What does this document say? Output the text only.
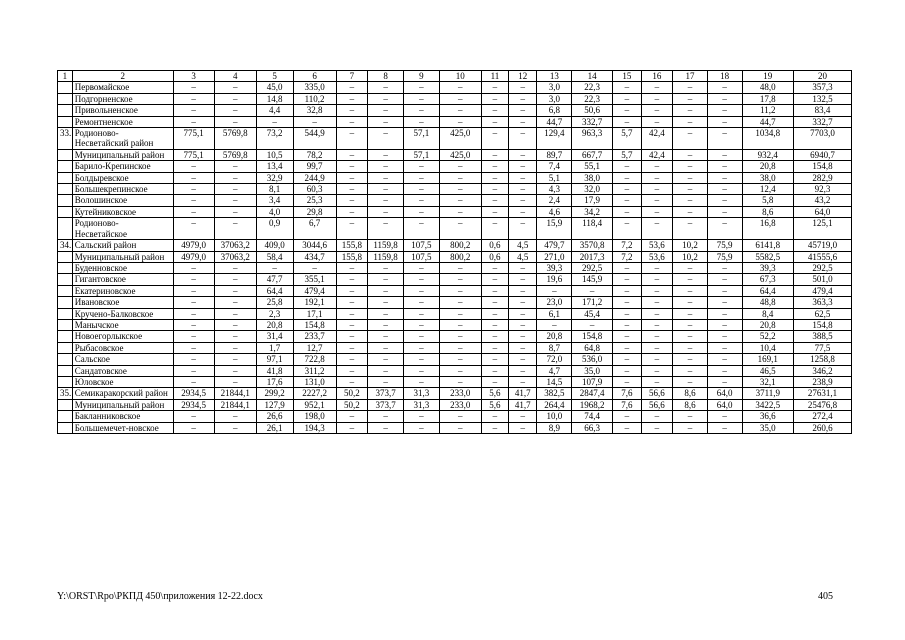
1	2	3	4	5	6	7	8	9	10	11	12	13	14	15	16	17	18	19	20
	Первомайское	–	–	45,0	335,0	–	–	–	–	–	–	3,0	22,3	–	–	–	–	48,0	357,3
	Подгорненское	–	–	14,8	110,2	–	–	–	–	–	–	3,0	22,3	–	–	–	–	17,8	132,5
	Привольненское	–	–	4,4	32,8	–	–	–	–	–	–	6,8	50,6	–	–	–	–	11,2	83,4
	Ремонтненское	–	–	–	–	–	–	–	–	–	–	44,7	332,7	–	–	–	–	44,7	332,7
33.	Родионово-Несветайский район	775,1	5769,8	73,2	544,9	–	–	57,1	425,0	–	–	129,4	963,3	5,7	42,4	–	–	1034,8	7703,0
	Муниципальный район	775,1	5769,8	10,5	78,2	–	–	57,1	425,0	–	–	89,7	667,7	5,7	42,4	–	–	932,4	6940,7
	Барило-Крепинское	–	–	13,4	99,7	–	–	–	–	–	–	7,4	55,1	–	–	–	–	20,8	154,8
	Болдыревское	–	–	32,9	244,9	–	–	–	–	–	–	5,1	38,0	–	–	–	–	38,0	282,9
	Большекрепинское	–	–	8,1	60,3	–	–	–	–	–	–	4,3	32,0	–	–	–	–	12,4	92,3
	Волошинское	–	–	3,4	25,3	–	–	–	–	–	–	2,4	17,9	–	–	–	–	5,8	43,2
	Кутейниковское	–	–	4,0	29,8	–	–	–	–	–	–	4,6	34,2	–	–	–	–	8,6	64,0
	Родионово-Несветайское	–	–	0,9	6,7	–	–	–	–	–	–	15,9	118,4	–	–	–	–	16,8	125,1
34.	Сальский район	4979,0	37063,2	409,0	3044,6	155,8	1159,8	107,5	800,2	0,6	4,5	479,7	3570,8	7,2	53,6	10,2	75,9	6141,8	45719,0
	Муниципальный район	4979,0	37063,2	58,4	434,7	155,8	1159,8	107,5	800,2	0,6	4,5	271,0	2017,3	7,2	53,6	10,2	75,9	5582,5	41555,6
	Буденновское	–	–	–	–	–	–	–	–	–	–	39,3	292,5	–	–	–	–	39,3	292,5
	Гигантовское	–	–	47,7	355,1	–	–	–	–	–	–	19,6	145,9	–	–	–	–	67,3	501,0
	Екатериновское	–	–	64,4	479,4	–	–	–	–	–	–	–	–	–	–	–	–	64,4	479,4
	Ивановское	–	–	25,8	192,1	–	–	–	–	–	–	23,0	171,2	–	–	–	–	48,8	363,3
	Кручено-Балковское	–	–	2,3	17,1	–	–	–	–	–	–	6,1	45,4	–	–	–	–	8,4	62,5
	Манычское	–	–	20,8	154,8	–	–	–	–	–	–	–	–	–	–	–	–	20,8	154,8
	Новоегорлыкское	–	–	31,4	233,7	–	–	–	–	–	–	20,8	154,8	–	–	–	–	52,2	388,5
	Рыбасовское	–	–	1,7	12,7	–	–	–	–	–	–	8,7	64,8	–	–	–	–	10,4	77,5
	Сальское	–	–	97,1	722,8	–	–	–	–	–	–	72,0	536,0	–	–	–	–	169,1	1258,8
	Сандатовское	–	–	41,8	311,2	–	–	–	–	–	–	4,7	35,0	–	–	–	–	46,5	346,2
	Юловское	–	–	17,6	131,0	–	–	–	–	–	–	14,5	107,9	–	–	–	–	32,1	238,9
35.	Семикаракорский район	2934,5	21844,1	299,2	2227,2	50,2	373,7	31,3	233,0	5,6	41,7	382,5	2847,4	7,6	56,6	8,6	64,0	3711,9	27631,1
	Муниципальный район	2934,5	21844,1	127,9	952,1	50,2	373,7	31,3	233,0	5,6	41,7	264,4	1968,2	7,6	56,6	8,6	64,0	3422,5	25476,8
	Бакланниковское	–	–	26,6	198,0	–	–	–	–	–	–	10,0	74,4	–	–	–	–	36,6	272,4
	Большемечет-новское	–	–	26,1	194,3	–	–	–	–	–	–	8,9	66,3	–	–	–	–	35,0	260,6
Y:\ORST\Rpo\РКПД 450\приложения 12-22.docx	405
